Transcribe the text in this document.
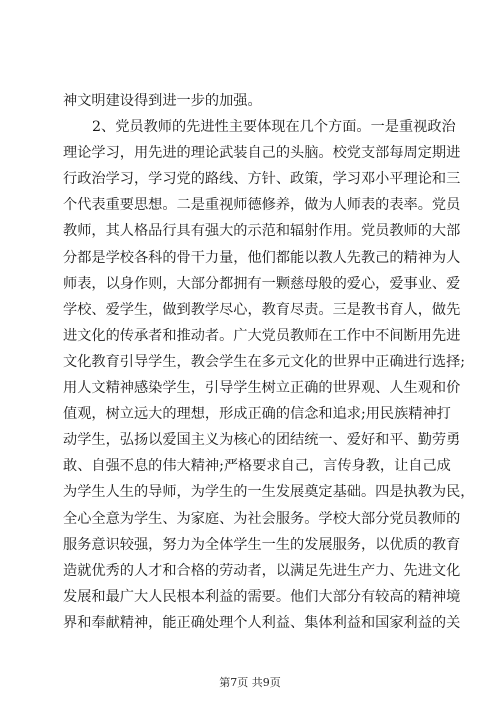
神文明建设得到进一步的加强。
2、党员教师的先进性主要体现在几个方面。一是重视政治
理论学习，用先进的理论武装自己的头脑。校党支部每周定期进
行政治学习，学习党的路线、方针、政策，学习邓小平理论和三
个代表重要思想。二是重视师德修养，做为人师表的表率。党员
教师，其人格品行具有强大的示范和辐射作用。党员教师的大部
分都是学校各科的骨干力量，他们都能以教人先教己的精神为人
师表，以身作则，大部分都拥有一颗慈母般的爱心，爱事业、爱
学校、爱学生，做到教学尽心，教育尽责。三是教书育人，做先
进文化的传承者和推动者。广大党员教师在工作中不间断用先进
文化教育引导学生，教会学生在多元文化的世界中正确进行选择;
用人文精神感染学生，引导学生树立正确的世界观、人生观和价
值观，树立远大的理想，形成正确的信念和追求;用民族精神打
动学生，弘扬以爱国主义为核心的团结统一、爱好和平、勤劳勇
敢、自强不息的伟大精神;严格要求自己，言传身教，让自己成
为学生人生的导师，为学生的一生发展奠定基础。四是执教为民，
全心全意为学生、为家庭、为社会服务。学校大部分党员教师的
服务意识较强，努力为全体学生一生的发展服务，以优质的教育
造就优秀的人才和合格的劳动者，以满足先进生产力、先进文化
发展和最广大人民根本利益的需要。他们大部分有较高的精神境
界和奉献精神，能正确处理个人利益、集体利益和国家利益的关
第7页 共9页
